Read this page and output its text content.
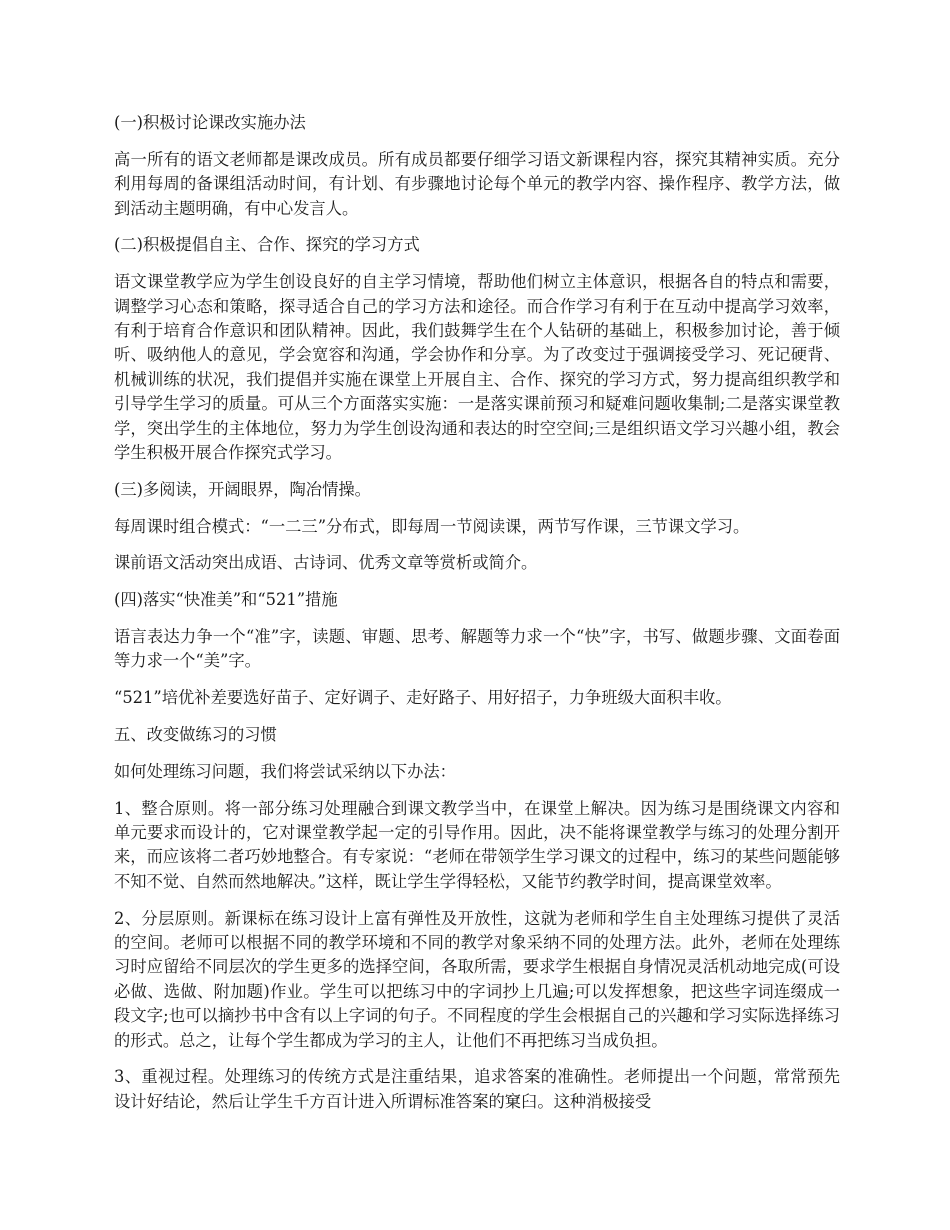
(一)积极讨论课改实施办法

高一所有的语文老师都是课改成员。所有成员都要仔细学习语文新课程内容，探究其精神实质。充分利用每周的备课组活动时间，有计划、有步骤地讨论每个单元的教学内容、操作程序、教学方法，做到活动主题明确，有中心发言人。

(二)积极提倡自主、合作、探究的学习方式

语文课堂教学应为学生创设良好的自主学习情境，帮助他们树立主体意识，根据各自的特点和需要，调整学习心态和策略，探寻适合自己的学习方法和途径。而合作学习有利于在互动中提高学习效率，有利于培育合作意识和团队精神。因此，我们鼓舞学生在个人钻研的基础上，积极参加讨论，善于倾听、吸纳他人的意见，学会宽容和沟通，学会协作和分享。为了改变过于强调接受学习、死记硬背、机械训练的状况，我们提倡并实施在课堂上开展自主、合作、探究的学习方式，努力提高组织教学和引导学生学习的质量。可从三个方面落实实施：一是落实课前预习和疑难问题收集制;二是落实课堂教学，突出学生的主体地位，努力为学生创设沟通和表达的时空空间;三是组织语文学习兴趣小组，教会学生积极开展合作探究式学习。

(三)多阅读，开阔眼界，陶冶情操。

每周课时组合模式：“一二三”分布式，即每周一节阅读课，两节写作课，三节课文学习。

课前语文活动突出成语、古诗词、优秀文章等赏析或简介。

(四)落实“快准美”和“521”措施

语言表达力争一个“准”字，读题、审题、思考、解题等力求一个“快”字，书写、做题步骤、文面卷面等力求一个“美”字。

“521”培优补差要选好苗子、定好调子、走好路子、用好招子，力争班级大面积丰收。

五、改变做练习的习惯

如何处理练习问题，我们将尝试采纳以下办法：

1、整合原则。将一部分练习处理融合到课文教学当中，在课堂上解决。因为练习是围绕课文内容和单元要求而设计的，它对课堂教学起一定的引导作用。因此，决不能将课堂教学与练习的处理分割开来，而应该将二者巧妙地整合。有专家说：“老师在带领学生学习课文的过程中，练习的某些问题能够不知不觉、自然而然地解决。”这样，既让学生学得轻松，又能节约教学时间，提高课堂效率。

2、分层原则。新课标在练习设计上富有弹性及开放性，这就为老师和学生自主处理练习提供了灵活的空间。老师可以根据不同的教学环境和不同的教学对象采纳不同的处理方法。此外，老师在处理练习时应留给不同层次的学生更多的选择空间，各取所需，要求学生根据自身情况灵活机动地完成(可设必做、选做、附加题)作业。学生可以把练习中的字词抄上几遍;可以发挥想象，把这些字词连缀成一段文字;也可以摘抄书中含有以上字词的句子。不同程度的学生会根据自己的兴趣和学习实际选择练习的形式。总之，让每个学生都成为学习的主人，让他们不再把练习当成负担。

3、重视过程。处理练习的传统方式是注重结果，追求答案的准确性。老师提出一个问题，常常预先设计好结论，然后让学生千方百计进入所谓标准答案的窠臼。这种消极接受
